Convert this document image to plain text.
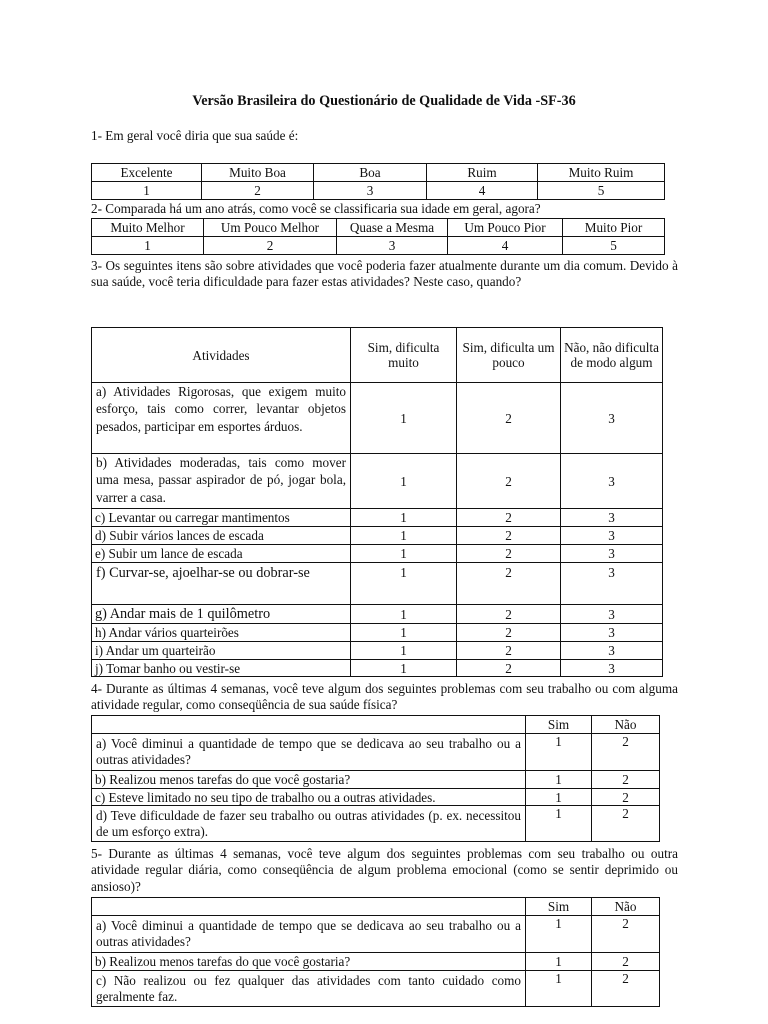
Versão Brasileira do Questionário de Qualidade de Vida -SF-36
1- Em geral você diria que sua saúde é:
Excelente	Muito Boa	Boa	Ruim	Muito Ruim
1	2	3	4	5
2- Comparada há um ano atrás, como você se classificaria sua idade em geral, agora?
Muito Melhor	Um Pouco Melhor	Quase a Mesma	Um Pouco Pior	Muito Pior
1	2	3	4	5
3- Os seguintes itens são sobre atividades que você poderia fazer atualmente durante um dia comum. Devido à sua saúde, você teria dificuldade para fazer estas atividades? Neste caso, quando?
Atividades	Sim, dificulta muito	Sim, dificulta um pouco	Não, não dificulta de modo algum
a) Atividades Rigorosas, que exigem muito esforço, tais como correr, levantar objetos pesados, participar em esportes árduos.	1	2	3
b) Atividades moderadas, tais como mover uma mesa, passar aspirador de pó, jogar bola, varrer a casa.	1	2	3
c) Levantar ou carregar mantimentos	1	2	3
d) Subir vários lances de escada	1	2	3
e) Subir um lance de escada	1	2	3
f) Curvar-se, ajoelhar-se ou dobrar-se	1	2	3
g) Andar mais de 1 quilômetro	1	2	3
h) Andar vários quarteirões	1	2	3
i) Andar um quarteirão	1	2	3
j) Tomar banho ou vestir-se	1	2	3
4- Durante as últimas 4 semanas, você teve algum dos seguintes problemas com seu trabalho ou com alguma atividade regular, como conseqüência de sua saúde física?
	Sim	Não
a) Você diminui a quantidade de tempo que se dedicava ao seu trabalho ou a outras atividades?	1	2
b) Realizou menos tarefas do que você gostaria?	1	2
c) Esteve limitado no seu tipo de trabalho ou a outras atividades.	1	2
d) Teve dificuldade de fazer seu trabalho ou outras atividades (p. ex. necessitou de um esforço extra).	1	2
5- Durante as últimas 4 semanas, você teve algum dos seguintes problemas com seu trabalho ou outra atividade regular diária, como conseqüência de algum problema emocional (como se sentir deprimido ou ansioso)?
	Sim	Não
a) Você diminui a quantidade de tempo que se dedicava ao seu trabalho ou a outras atividades?	1	2
b) Realizou menos tarefas do que você gostaria?	1	2
c) Não realizou ou fez qualquer das atividades com tanto cuidado como geralmente faz.	1	2
